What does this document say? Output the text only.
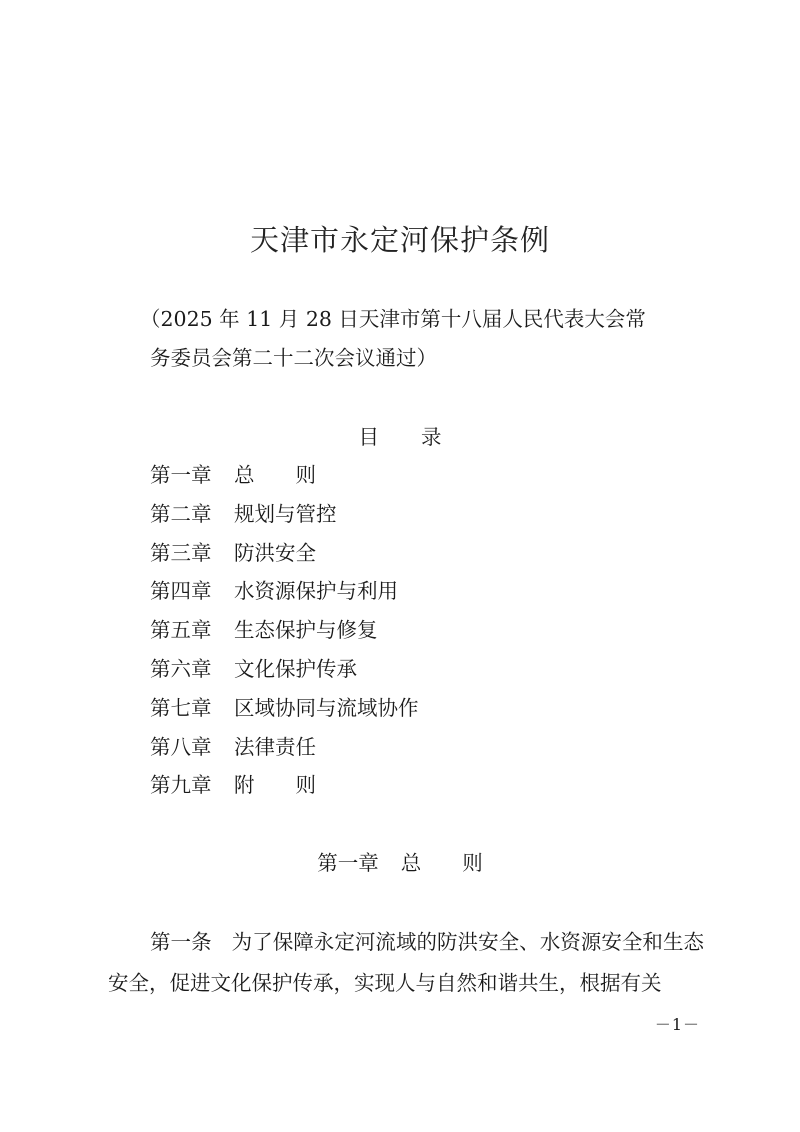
天津市永定河保护条例
（2025 年 11 月 28 日天津市第十八届人民代表大会常
务委员会第二十二次会议通过）
目 录
第一章 总　　则
第二章 规划与管控
第三章 防洪安全
第四章 水资源保护与利用
第五章 生态保护与修复
第六章 文化保护传承
第七章 区域协同与流域协作
第八章 法律责任
第九章 附　　则
第一章 总　　则
第一条 为了保障永定河流域的防洪安全、水资源安全和生态安全，促进文化保护传承，实现人与自然和谐共生，根据有关
－1－
